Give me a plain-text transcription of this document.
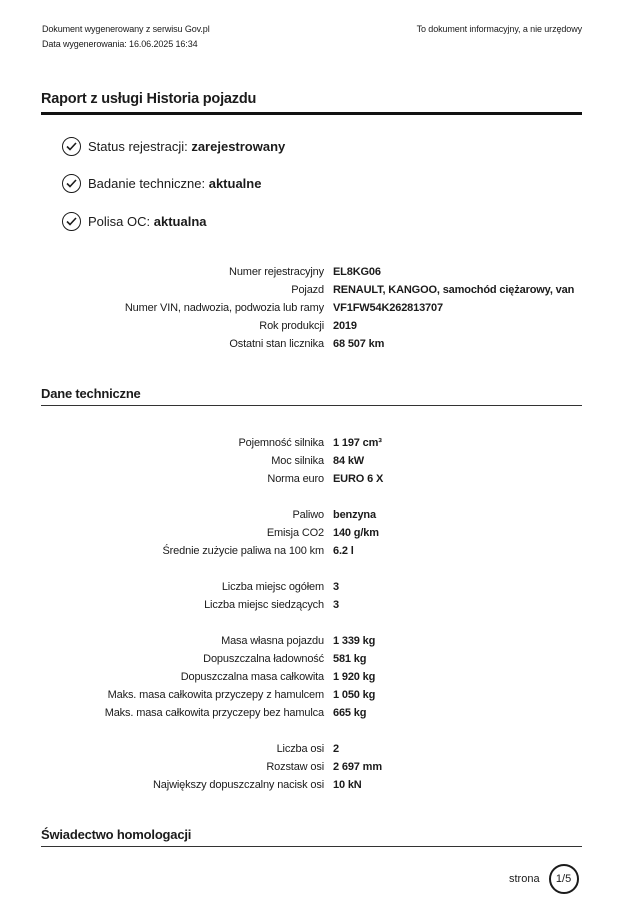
Dokument wygenerowany z serwisu Gov.pl
Data wygenerowania: 16.06.2025 16:34
To dokument informacyjny, a nie urzędowy
Raport z usługi Historia pojazdu
Status rejestracji:
zarejestrowany
Badanie techniczne:
aktualne
Polisa OC:
aktualna
Numer rejestracyjny EL8KG06
Pojazd RENAULT, KANGOO, samochód ciężarowy, van
Numer VIN, nadwozia, podwozia lub ramy VF1FW54K262813707
Rok produkcji 2019
Ostatni stan licznika 68 507 km
Dane techniczne
Pojemność silnika 1 197 cm³
Moc silnika 84 kW
Norma euro EURO 6 X
Paliwo benzyna
Emisja CO2 140 g/km
Średnie zużycie paliwa na 100 km 6.2 l
Liczba miejsc ogółem 3
Liczba miejsc siedzących 3
Masa własna pojazdu 1 339 kg
Dopuszczalna ładowność 581 kg
Dopuszczalna masa całkowita 1 920 kg
Maks. masa całkowita przyczepy z hamulcem 1 050 kg
Maks. masa całkowita przyczepy bez hamulca 665 kg
Liczba osi 2
Rozstaw osi 2 697 mm
Największy dopuszczalny nacisk osi 10 kN
Świadectwo homologacji
strona	1/5
